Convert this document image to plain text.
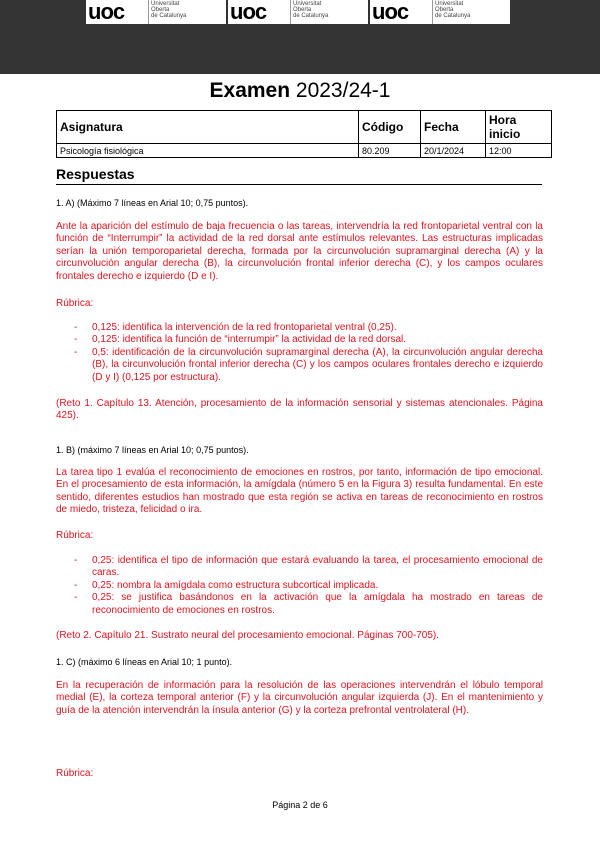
uoc	Universitat
Oberta
de Catalunya	uoc	Universitat
Oberta
de Catalunya	uoc	Universitat
Oberta
de Catalunya
Examen 2023/24-1
Asignatura	Código	Fecha	Hora inicio
Psicología fisiológica	80.209	20/1/2024	12:00
Respuestas
1. A) (Máximo 7 líneas en Arial 10; 0,75 puntos).
Ante la aparición del estímulo de baja frecuencia o las tareas, intervendría la red frontoparietal ventral con la función de “Interrumpir” la actividad de la red dorsal ante estímulos relevantes. Las estructuras implicadas serían la unión temporoparietal derecha, formada por la circunvolución supramarginal derecha (A) y la circunvolución angular derecha (B), la circunvolución frontal inferior derecha (C), y los campos oculares frontales derecho e izquierdo (D e I).
Rúbrica:
- 0,125: identifica la intervención de la red frontoparietal ventral (0,25).
- 0,125: identifica la función de “interrumpir” la actividad de la red dorsal.
- 0,5: identificación de la circunvolución supramarginal derecha (A), la circunvolución angular derecha (B), la circunvolución frontal inferior derecha (C) y los campos oculares frontales derecho e izquierdo (D y I) (0,125 por estructura).
(Reto 1. Capítulo 13. Atención, procesamiento de la información sensorial y sistemas atencionales. Página 425).
1. B) (máximo 7 líneas en Arial 10; 0,75 puntos).
La tarea tipo 1 evalúa el reconocimiento de emociones en rostros, por tanto, información de tipo emocional. En el procesamiento de esta información, la amígdala (número 5 en la Figura 3) resulta fundamental. En este sentido, diferentes estudios han mostrado que esta región se activa en tareas de reconocimiento en rostros de miedo, tristeza, felicidad o ira.
Rúbrica:
- 0,25: identifica el tipo de información que estará evaluando la tarea, el procesamiento emocional de caras.
- 0,25: nombra la amígdala como estructura subcortical implicada.
- 0,25: se justifica basándonos en la activación que la amígdala ha mostrado en tareas de reconocimiento de emociones en rostros.
(Reto 2. Capítulo 21. Sustrato neural del procesamiento emocional. Páginas 700-705).
1. C) (máximo 6 líneas en Arial 10; 1 punto).
En la recuperación de información para la resolución de las operaciones intervendrán el lóbulo temporal medial (E), la corteza temporal anterior (F) y la circunvolución angular izquierda (J). En el mantenimiento y guía de la atención intervendrán la ínsula anterior (G) y la corteza prefrontal ventrolateral (H).
Rúbrica:
Página 2 de 6
